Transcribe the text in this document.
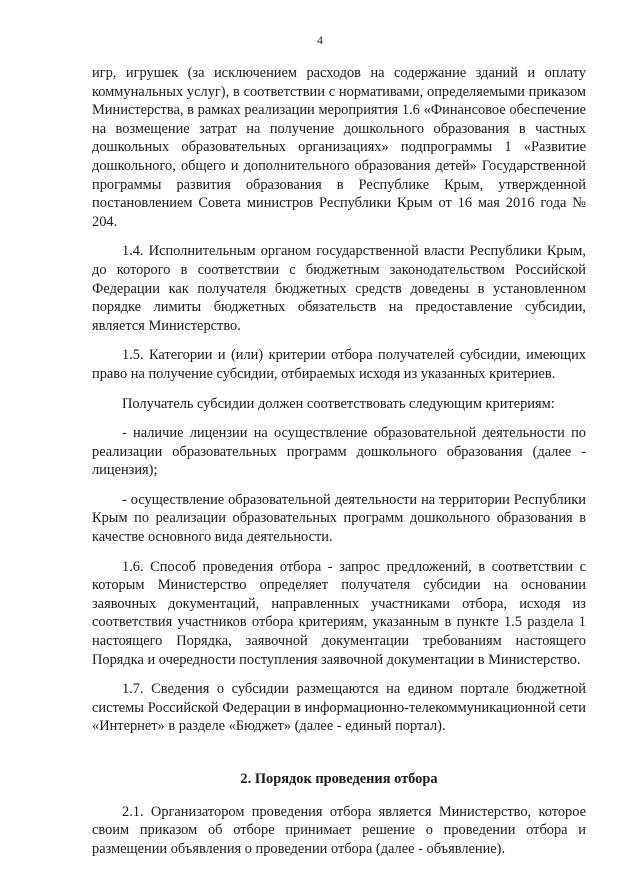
4

игр, игрушек (за исключением расходов на содержание зданий и оплату коммунальных услуг), в соответствии с нормативами, определяемыми приказом Министерства, в рамках реализации мероприятия 1.6 «Финансовое обеспечение на возмещение затрат на получение дошкольного образования в частных дошкольных образовательных организациях» подпрограммы 1 «Развитие дошкольного, общего и дополнительного образования детей» Государственной программы развития образования в Республике Крым, утвержденной постановлением Совета министров Республики Крым от 16 мая 2016 года № 204.

1.4. Исполнительным органом государственной власти Республики Крым, до которого в соответствии с бюджетным законодательством Российской Федерации как получателя бюджетных средств доведены в установленном порядке лимиты бюджетных обязательств на предоставление субсидии, является Министерство.

1.5. Категории и (или) критерии отбора получателей субсидии, имеющих право на получение субсидии, отбираемых исходя из указанных критериев.

Получатель субсидии должен соответствовать следующим критериям:

- наличие лицензии на осуществление образовательной деятельности по реализации образовательных программ дошкольного образования (далее - лицензия);

- осуществление образовательной деятельности на территории Республики Крым по реализации образовательных программ дошкольного образования в качестве основного вида деятельности.

1.6. Способ проведения отбора - запрос предложений, в соответствии с которым Министерство определяет получателя субсидии на основании заявочных документаций, направленных участниками отбора, исходя из соответствия участников отбора критериям, указанным в пункте 1.5 раздела 1 настоящего Порядка, заявочной документации требованиям настоящего Порядка и очередности поступления заявочной документации в Министерство.

1.7. Сведения о субсидии размещаются на едином портале бюджетной системы Российской Федерации в информационно-телекоммуникационной сети «Интернет» в разделе «Бюджет» (далее - единый портал).

2. Порядок проведения отбора

2.1. Организатором проведения отбора является Министерство, которое своим приказом об отборе принимает решение о проведении отбора и размещении объявления о проведении отбора (далее - объявление).
